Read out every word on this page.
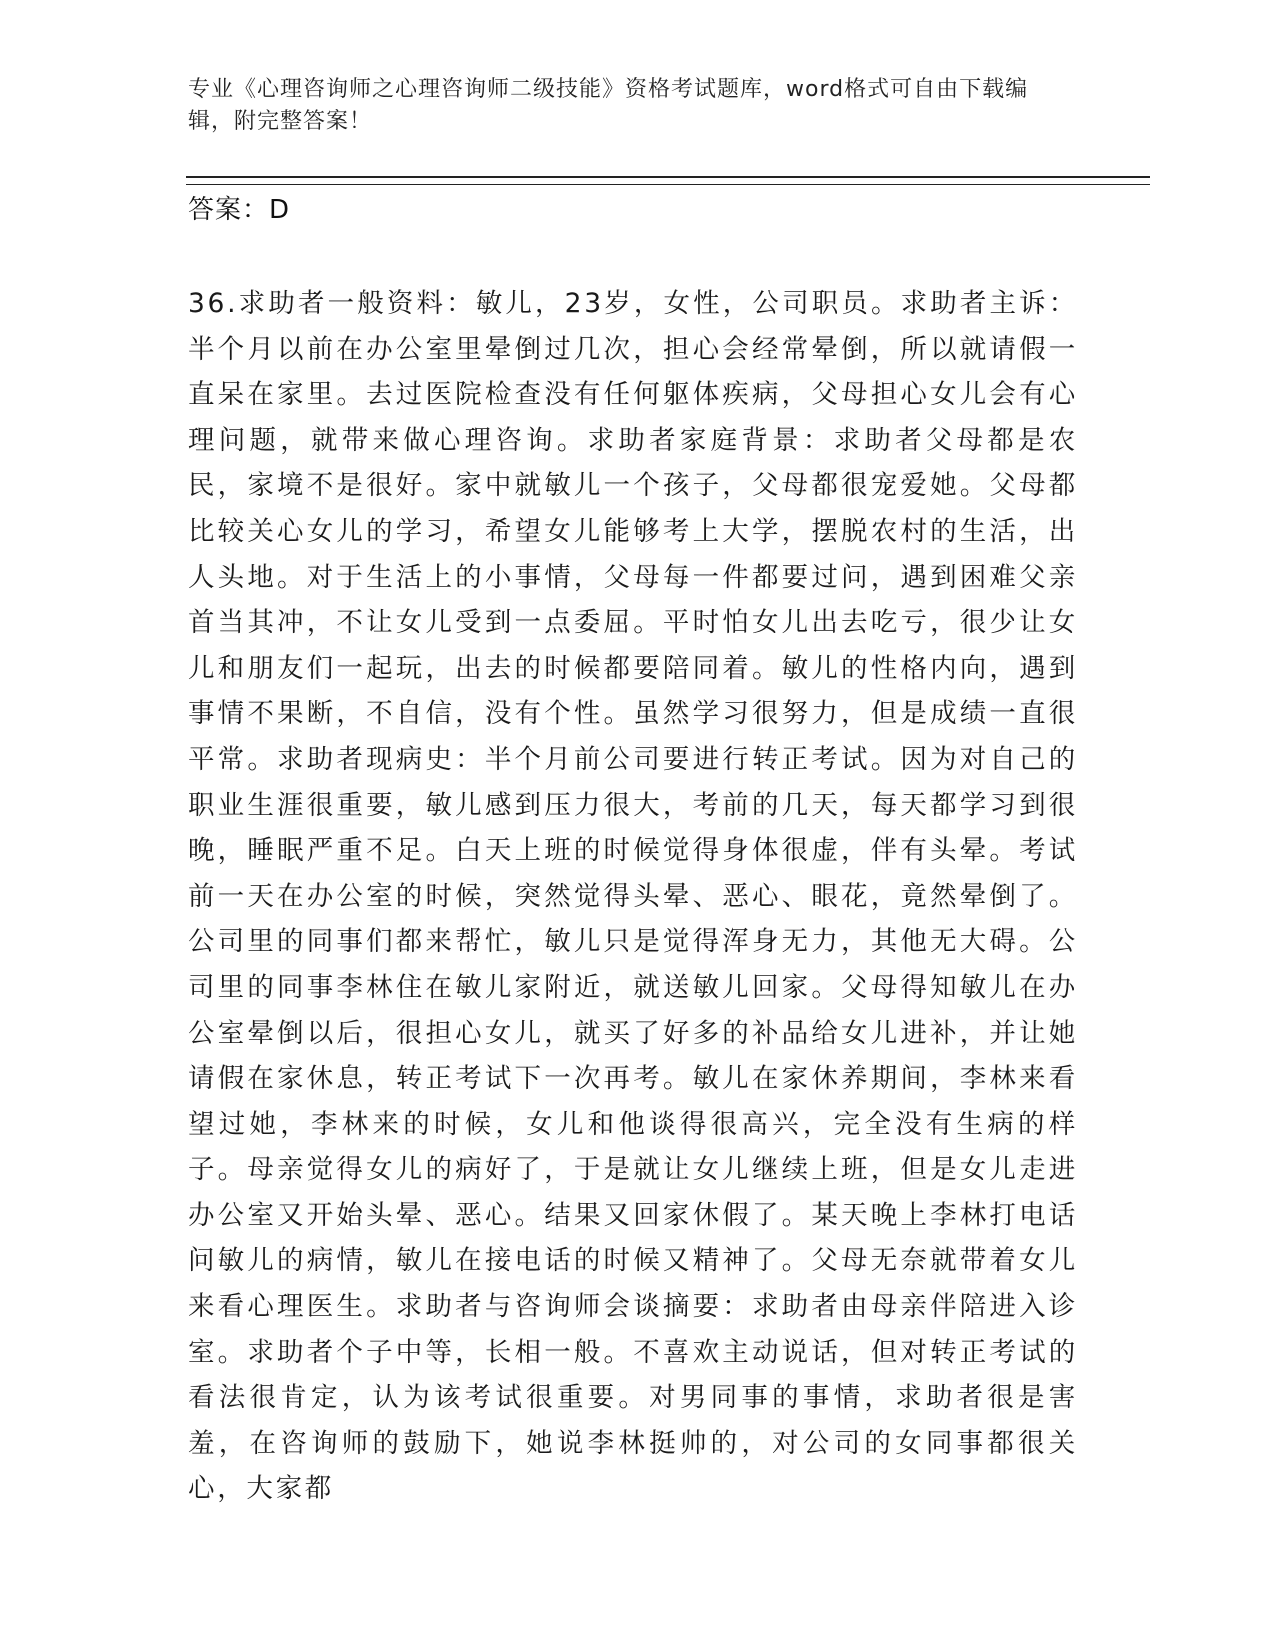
专业《心理咨询师之心理咨询师二级技能》资格考试题库，word格式可自由下载编辑，附完整答案！
答案：D

36.求助者一般资料：敏儿，23岁，女性，公司职员。求助者主诉：半个月以前在办公室里晕倒过几次，担心会经常晕倒，所以就请假一直呆在家里。去过医院检查没有任何躯体疾病，父母担心女儿会有心理问题，就带来做心理咨询。求助者家庭背景：求助者父母都是农民，家境不是很好。家中就敏儿一个孩子，父母都很宠爱她。父母都比较关心女儿的学习，希望女儿能够考上大学，摆脱农村的生活，出人头地。对于生活上的小事情，父母每一件都要过问，遇到困难父亲首当其冲，不让女儿受到一点委屈。平时怕女儿出去吃亏，很少让女儿和朋友们一起玩，出去的时候都要陪同着。敏儿的性格内向，遇到事情不果断，不自信，没有个性。虽然学习很努力，但是成绩一直很平常。求助者现病史：半个月前公司要进行转正考试。因为对自己的职业生涯很重要，敏儿感到压力很大，考前的几天，每天都学习到很晚，睡眠严重不足。白天上班的时候觉得身体很虚，伴有头晕。考试前一天在办公室的时候，突然觉得头晕、恶心、眼花，竟然晕倒了。公司里的同事们都来帮忙，敏儿只是觉得浑身无力，其他无大碍。公司里的同事李林住在敏儿家附近，就送敏儿回家。父母得知敏儿在办公室晕倒以后，很担心女儿，就买了好多的补品给女儿进补，并让她请假在家休息，转正考试下一次再考。敏儿在家休养期间，李林来看望过她，李林来的时候，女儿和他谈得很高兴，完全没有生病的样子。母亲觉得女儿的病好了，于是就让女儿继续上班，但是女儿走进办公室又开始头晕、恶心。结果又回家休假了。某天晚上李林打电话问敏儿的病情，敏儿在接电话的时候又精神了。父母无奈就带着女儿来看心理医生。求助者与咨询师会谈摘要：求助者由母亲伴陪进入诊室。求助者个子中等，长相一般。不喜欢主动说话，但对转正考试的看法很肯定，认为该考试很重要。对男同事的事情，求助者很是害羞，在咨询师的鼓励下，她说李林挺帅的，对公司的女同事都很关心，大家都
